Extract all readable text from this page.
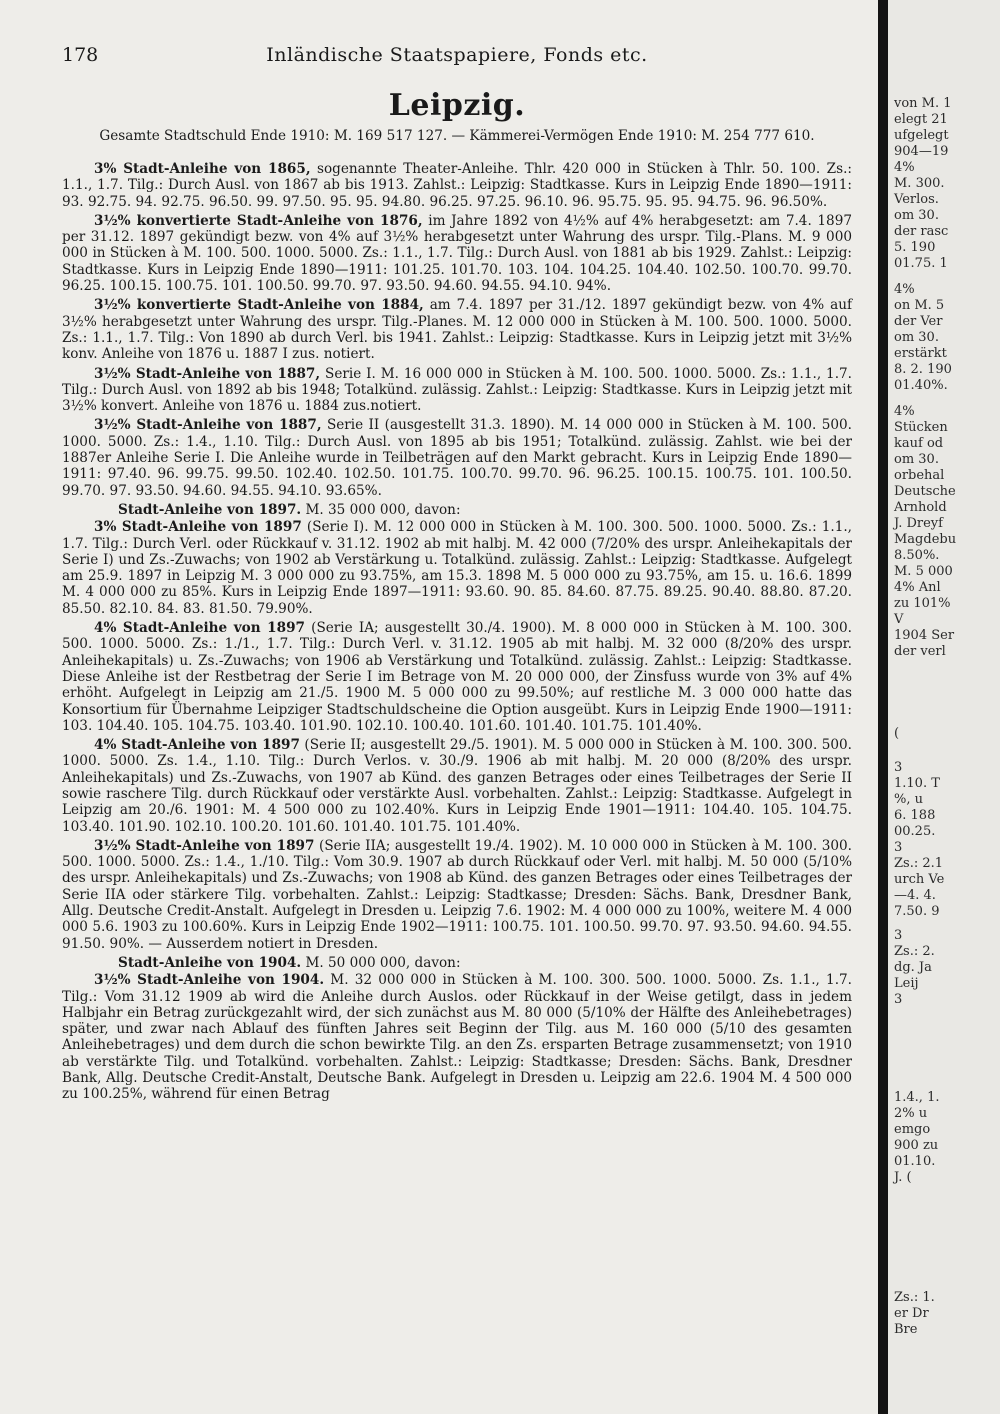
178	Inländische Staatspapiere, Fonds etc.
Leipzig.
Gesamte Stadtschuld Ende 1910: M. 169 517 127. — Kämmerei-Vermögen Ende 1910: M. 254 777 610.

3% Stadt-Anleihe von 1865, sogenannte Theater-Anleihe. Thlr. 420 000 in Stücken à Thlr. 50. 100. Zs.: 1.1., 1.7. Tilg.: Durch Ausl. von 1867 ab bis 1913. Zahlst.: Leipzig: Stadtkasse. Kurs in Leipzig Ende 1890—1911: 93. 92.75. 94. 92.75. 96.50. 99. 97.50. 95. 95. 94.80. 96.25. 97.25. 96.10. 96. 95.75. 95. 95. 94.75. 96. 96.50%.

3½% konvertierte Stadt-Anleihe von 1876, im Jahre 1892 von 4½% auf 4% herabgesetzt: am 7.4. 1897 per 31.12. 1897 gekündigt bezw. von 4% auf 3½% herabgesetzt unter Wahrung des urspr. Tilg.-Plans. M. 9 000 000 in Stücken à M. 100. 500. 1000. 5000. Zs.: 1.1., 1.7. Tilg.: Durch Ausl. von 1881 ab bis 1929. Zahlst.: Leipzig: Stadtkasse. Kurs in Leipzig Ende 1890—1911: 101.25. 101.70. 103. 104. 104.25. 104.40. 102.50. 100.70. 99.70. 96.25. 100.15. 100.75. 101. 100.50. 99.70. 97. 93.50. 94.60. 94.55. 94.10. 94%.

3½% konvertierte Stadt-Anleihe von 1884, am 7.4. 1897 per 31./12. 1897 gekündigt bezw. von 4% auf 3½% herabgesetzt unter Wahrung des urspr. Tilg.-Planes. M. 12 000 000 in Stücken à M. 100. 500. 1000. 5000. Zs.: 1.1., 1.7. Tilg.: Von 1890 ab durch Verl. bis 1941. Zahlst.: Leipzig: Stadtkasse. Kurs in Leipzig jetzt mit 3½% konv. Anleihe von 1876 u. 1887 I zus. notiert.

3½% Stadt-Anleihe von 1887, Serie I. M. 16 000 000 in Stücken à M. 100. 500. 1000. 5000. Zs.: 1.1., 1.7. Tilg.: Durch Ausl. von 1892 ab bis 1948; Totalkünd. zulässig. Zahlst.: Leipzig: Stadtkasse. Kurs in Leipzig jetzt mit 3½% konvert. Anleihe von 1876 u. 1884 zus.notiert.

3½% Stadt-Anleihe von 1887, Serie II (ausgestellt 31.3. 1890). M. 14 000 000 in Stücken à M. 100. 500. 1000. 5000. Zs.: 1.4., 1.10. Tilg.: Durch Ausl. von 1895 ab bis 1951; Totalkünd. zulässig. Zahlst. wie bei der 1887er Anleihe Serie I. Die Anleihe wurde in Teilbeträgen auf den Markt gebracht. Kurs in Leipzig Ende 1890—1911: 97.40. 96. 99.75. 99.50. 102.40. 102.50. 101.75. 100.70. 99.70. 96. 96.25. 100.15. 100.75. 101. 100.50. 99.70. 97. 93.50. 94.60. 94.55. 94.10. 93.65%.

Stadt-Anleihe von 1897. M. 35 000 000, davon:

3% Stadt-Anleihe von 1897 (Serie I). M. 12 000 000 in Stücken à M. 100. 300. 500. 1000. 5000. Zs.: 1.1., 1.7. Tilg.: Durch Verl. oder Rückkauf v. 31.12. 1902 ab mit halbj. M. 42 000 (7/20% des urspr. Anleihekapitals der Serie I) und Zs.-Zuwachs; von 1902 ab Verstärkung u. Totalkünd. zulässig. Zahlst.: Leipzig: Stadtkasse. Aufgelegt am 25.9. 1897 in Leipzig M. 3 000 000 zu 93.75%, am 15.3. 1898 M. 5 000 000 zu 93.75%, am 15. u. 16.6. 1899 M. 4 000 000 zu 85%. Kurs in Leipzig Ende 1897—1911: 93.60. 90. 85. 84.60. 87.75. 89.25. 90.40. 88.80. 87.20. 85.50. 82.10. 84. 83. 81.50. 79.90%.

4% Stadt-Anleihe von 1897 (Serie IA; ausgestellt 30./4. 1900). M. 8 000 000 in Stücken à M. 100. 300. 500. 1000. 5000. Zs.: 1./1., 1.7. Tilg.: Durch Verl. v. 31.12. 1905 ab mit halbj. M. 32 000 (8/20% des urspr. Anleihekapitals) u. Zs.-Zuwachs; von 1906 ab Verstärkung und Totalkünd. zulässig. Zahlst.: Leipzig: Stadtkasse. Diese Anleihe ist der Restbetrag der Serie I im Betrage von M. 20 000 000, der Zinsfuss wurde von 3% auf 4% erhöht. Aufgelegt in Leipzig am 21./5. 1900 M. 5 000 000 zu 99.50%; auf restliche M. 3 000 000 hatte das Konsortium für Übernahme Leipziger Stadtschuldscheine die Option ausgeübt. Kurs in Leipzig Ende 1900—1911: 103. 104.40. 105. 104.75. 103.40. 101.90. 102.10. 100.40. 101.60. 101.40. 101.75. 101.40%.

4% Stadt-Anleihe von 1897 (Serie II; ausgestellt 29./5. 1901). M. 5 000 000 in Stücken à M. 100. 300. 500. 1000. 5000. Zs. 1.4., 1.10. Tilg.: Durch Verlos. v. 30./9. 1906 ab mit halbj. M. 20 000 (8/20% des urspr. Anleihekapitals) und Zs.-Zuwachs, von 1907 ab Künd. des ganzen Betrages oder eines Teilbetrages der Serie II sowie raschere Tilg. durch Rückkauf oder verstärkte Ausl. vorbehalten. Zahlst.: Leipzig: Stadtkasse. Aufgelegt in Leipzig am 20./6. 1901: M. 4 500 000 zu 102.40%. Kurs in Leipzig Ende 1901—1911: 104.40. 105. 104.75. 103.40. 101.90. 102.10. 100.20. 101.60. 101.40. 101.75. 101.40%.

3½% Stadt-Anleihe von 1897 (Serie IIA; ausgestellt 19./4. 1902). M. 10 000 000 in Stücken à M. 100. 300. 500. 1000. 5000. Zs.: 1.4., 1./10. Tilg.: Vom 30.9. 1907 ab durch Rückkauf oder Verl. mit halbj. M. 50 000 (5/10% des urspr. Anleihekapitals) und Zs.-Zuwachs; von 1908 ab Künd. des ganzen Betrages oder eines Teilbetrages der Serie IIA oder stärkere Tilg. vorbehalten. Zahlst.: Leipzig: Stadtkasse; Dresden: Sächs. Bank, Dresdner Bank, Allg. Deutsche Credit-Anstalt. Aufgelegt in Dresden u. Leipzig 7.6. 1902: M. 4 000 000 zu 100%, weitere M. 4 000 000 5.6. 1903 zu 100.60%. Kurs in Leipzig Ende 1902—1911: 100.75. 101. 100.50. 99.70. 97. 93.50. 94.60. 94.55. 91.50. 90%. — Ausserdem notiert in Dresden.

Stadt-Anleihe von 1904. M. 50 000 000, davon:

3½% Stadt-Anleihe von 1904. M. 32 000 000 in Stücken à M. 100. 300. 500. 1000. 5000. Zs. 1.1., 1.7. Tilg.: Vom 31.12 1909 ab wird die Anleihe durch Auslos. oder Rückkauf in der Weise getilgt, dass in jedem Halbjahr ein Betrag zurückgezahlt wird, der sich zunächst aus M. 80 000 (5/10% der Hälfte des Anleihebetrages) später, und zwar nach Ablauf des fünften Jahres seit Beginn der Tilg. aus M. 160 000 (5/10 des gesamten Anleihebetrages) und dem durch die schon bewirkte Tilg. an den Zs. ersparten Betrage zusammensetzt; von 1910 ab verstärkte Tilg. und Totalkünd. vorbehalten. Zahlst.: Leipzig: Stadtkasse; Dresden: Sächs. Bank, Dresdner Bank, Allg. Deutsche Credit-Anstalt, Deutsche Bank. Aufgelegt in Dresden u. Leipzig am 22.6. 1904 M. 4 500 000 zu 100.25%, während für einen Betrag

von M. 1
elegt 21
ufgelegt
904—19
4%
M. 300.
Verlos.
om 30.
der rasc
5. 190
01.75. 1
4%
on M. 5
der Ver
om 30.
erstärkt
8. 2. 190
01.40%.
4%
Stücken
kauf od
om 30.
orbehal
Deutsche
Arnhold
J. Dreyf
Magdebu
8.50%.
M. 5 000
4% Anl
zu 101%
V
1904 Ser
der verl
(
3
1.10. T
%, u
6. 188
00.25.
3
Zs.: 2.1
urch Ve
—4. 4.
7.50. 9
3
Zs.: 2.
dg. Ja
Leij
3
1.4., 1.
2% u
emgo
900 zu
01.10.
J. (
Zs.: 1.
er Dr
Bre
